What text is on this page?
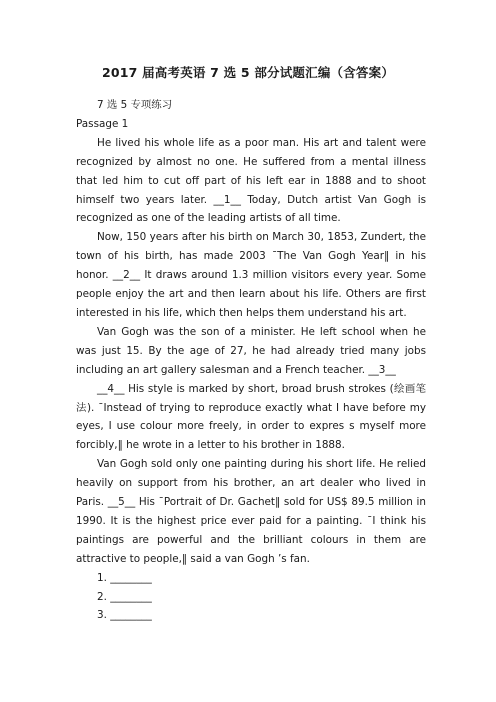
2017 届高考英语 7 选 5 部分试题汇编（含答案）

7 选 5 专项练习

Passage 1

He lived his whole life as a poor man. His art and talent were recognized by almost no one. He suffered from a mental illness that led him to cut off part of his left ear in 1888 and to shoot himself two years later. __1__ Today, Dutch artist Van Gogh is recognized as one of the leading artists of all time.

Now, 150 years after his birth on March 30, 1853, Zundert, the town of his birth, has made 2003 ˉThe Van Gogh Year‖ in his honor. __2__ It draws around 1.3 million visitors every year. Some people enjoy the art and then learn about his life. Others are first interested in his life, which then helps them understand his art.

Van Gogh was the son of a minister. He left school when he was just 15. By the age of 27, he had already tried many jobs including an art gallery salesman and a French teacher. __3__

__4__ His style is marked by short, broad brush strokes (绘画笔法). ˉInstead of trying to reproduce exactly what I have before my eyes, I use colour more freely, in order to expres s myself more forcibly,‖ he wrote in a letter to his brother in 1888.

Van Gogh sold only one painting during his short life. He relied heavily on support from his brother, an art dealer who lived in Paris. __5__ His ˉPortrait of Dr. Gachet‖ sold for US$ 89.5 million in 1990. It is the highest price ever paid for a painting. ˉI think his paintings are powerful and the brilliant colours in them are attractive to people,‖ said a van Gogh ’s fan.

1. ________

2. ________

3. ________
